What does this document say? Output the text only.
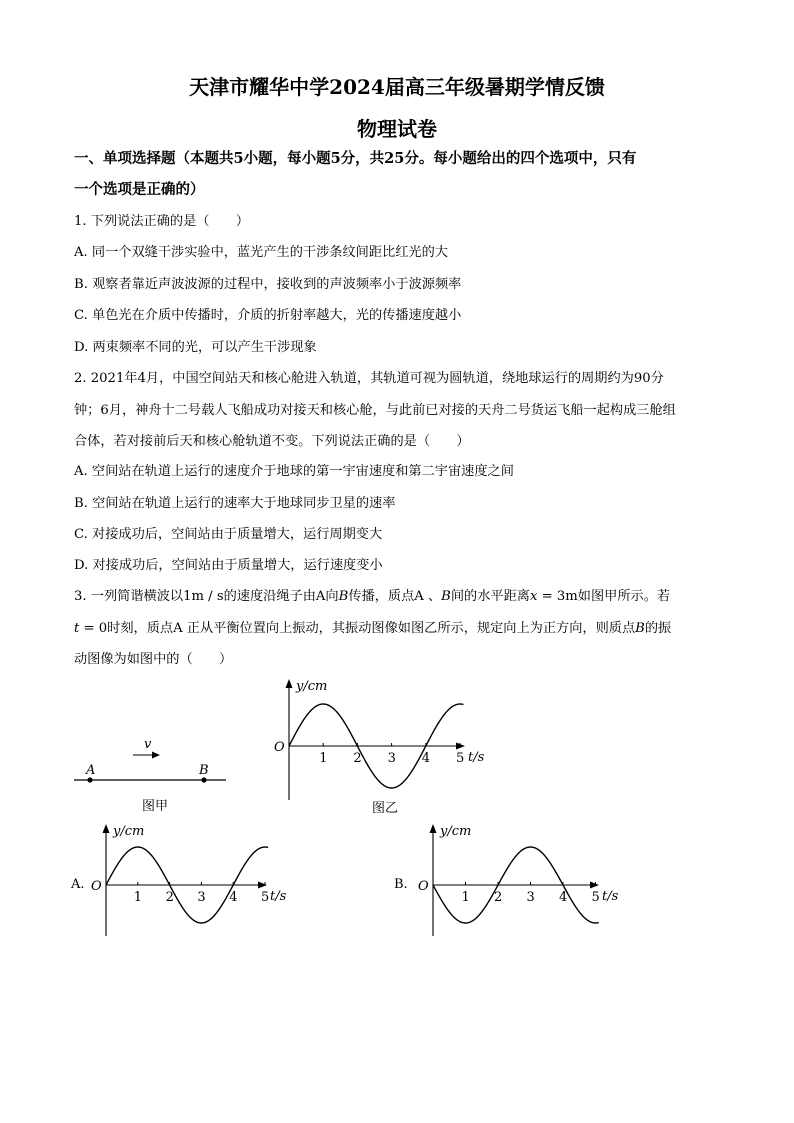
天津市耀华中学2024届高三年级暑期学情反馈
物理试卷
一、单项选择题（本题共5小题，每小题5分，共25分。每小题给出的四个选项中，只有
一个选项是正确的）
1. 下列说法正确的是（　　）
A. 同一个双缝干涉实验中，蓝光产生的干涉条纹间距比红光的大
B. 观察者靠近声波波源的过程中，接收到的声波频率小于波源频率
C. 单色光在介质中传播时，介质的折射率越大，光的传播速度越小
D. 两束频率不同的光，可以产生干涉现象
2. 2021年4月，中国空间站天和核心舱进入轨道，其轨道可视为圆轨道，绕地球运行的周期约为90分
钟；6月，神舟十二号载人飞船成功对接天和核心舱，与此前已对接的天舟二号货运飞船一起构成三舱组
合体，若对接前后天和核心舱轨道不变。下列说法正确的是（　　）
A. 空间站在轨道上运行的速度介于地球的第一宇宙速度和第二宇宙速度之间
B. 空间站在轨道上运行的速率大于地球同步卫星的速率
C. 对接成功后，空间站由于质量增大，运行周期变大
D. 对接成功后，空间站由于质量增大，运行速度变小
3. 一列简谐横波以1m / s的速度沿绳子由A向B传播，质点A 、B间的水平距离x = 3m如图甲所示。若
t = 0时刻，质点A 正从平衡位置向上振动，其振动图像如图乙所示，规定向上为正方向，则质点B的振
动图像为如图中的（　　）
v
A	B
图甲
y/cm
t/s
O
1 2 3 4 5
图乙
A.
y/cm
t/s
O
1 2 3 4 5
B.
y/cm
t/s
O
1 2 3 4 5
